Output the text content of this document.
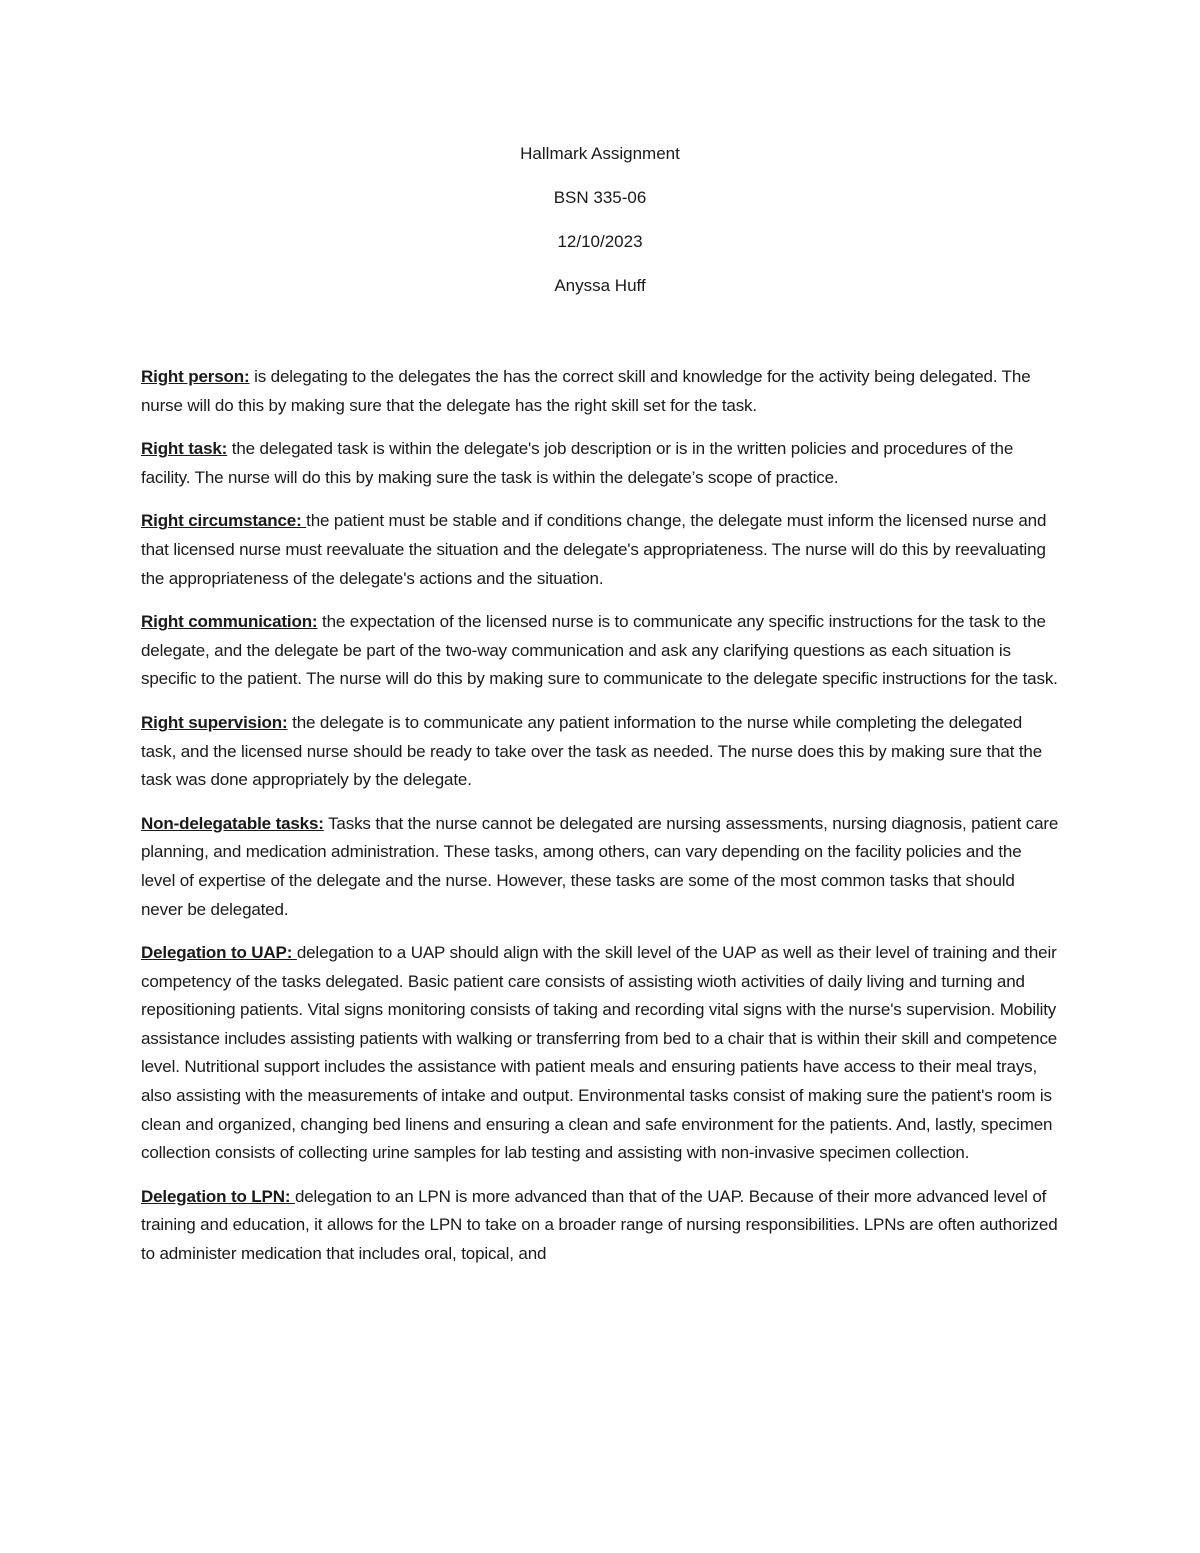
Hallmark Assignment
BSN 335-06
12/10/2023
Anyssa Huff

Right person: is delegating to the delegates the has the correct skill and knowledge for the activity being delegated. The nurse will do this by making sure that the delegate has the right skill set for the task.

Right task: the delegated task is within the delegate's job description or is in the written policies and procedures of the facility. The nurse will do this by making sure the task is within the delegate’s scope of practice.

Right circumstance: the patient must be stable and if conditions change, the delegate must inform the licensed nurse and that licensed nurse must reevaluate the situation and the delegate's appropriateness. The nurse will do this by reevaluating the appropriateness of the delegate's actions and the situation.

Right communication: the expectation of the licensed nurse is to communicate any specific instructions for the task to the delegate, and the delegate be part of the two-way communication and ask any clarifying questions as each situation is specific to the patient. The nurse will do this by making sure to communicate to the delegate specific instructions for the task.

Right supervision: the delegate is to communicate any patient information to the nurse while completing the delegated task, and the licensed nurse should be ready to take over the task as needed. The nurse does this by making sure that the task was done appropriately by the delegate.

Non-delegatable tasks: Tasks that the nurse cannot be delegated are nursing assessments, nursing diagnosis, patient care planning, and medication administration. These tasks, among others, can vary depending on the facility policies and the level of expertise of the delegate and the nurse. However, these tasks are some of the most common tasks that should never be delegated.

Delegation to UAP: delegation to a UAP should align with the skill level of the UAP as well as their level of training and their competency of the tasks delegated. Basic patient care consists of assisting wioth activities of daily living and turning and repositioning patients. Vital signs monitoring consists of taking and recording vital signs with the nurse's supervision. Mobility assistance includes assisting patients with walking or transferring from bed to a chair that is within their skill and competence level. Nutritional support includes the assistance with patient meals and ensuring patients have access to their meal trays, also assisting with the measurements of intake and output. Environmental tasks consist of making sure the patient's room is clean and organized, changing bed linens and ensuring a clean and safe environment for the patients. And, lastly, specimen collection consists of collecting urine samples for lab testing and assisting with non-invasive specimen collection.

Delegation to LPN: delegation to an LPN is more advanced than that of the UAP. Because of their more advanced level of training and education, it allows for the LPN to take on a broader range of nursing responsibilities. LPNs are often authorized to administer medication that includes oral, topical, and
